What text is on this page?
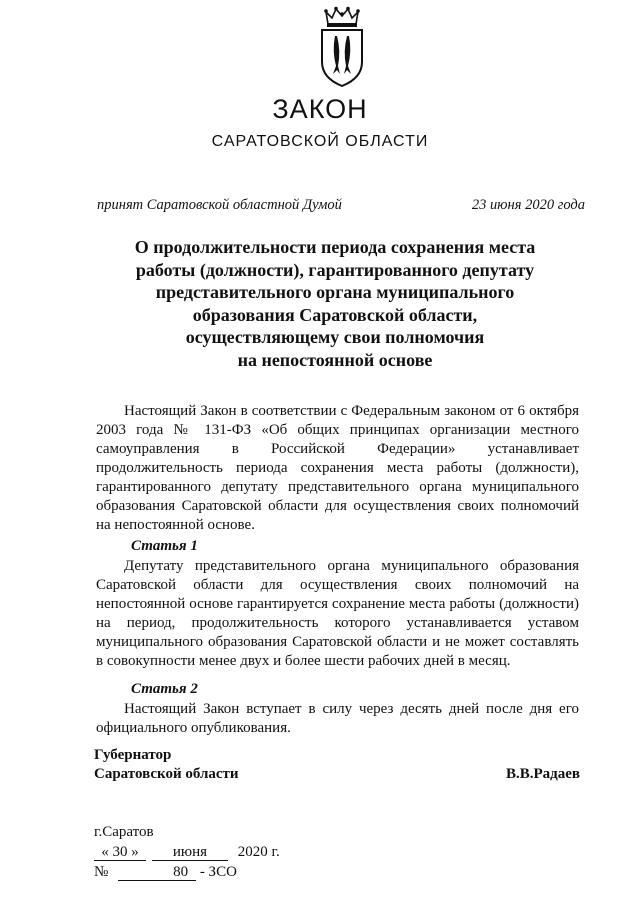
ЗАКОН
САРАТОВСКОЙ ОБЛАСТИ
принят Саратовской областной Думой	23 июня 2020 года
О продолжительности периода сохранения места
работы (должности), гарантированного депутату
представительного органа муниципального
образования Саратовской области,
осуществляющему свои полномочия
на непостоянной основе

Настоящий Закон в соответствии с Федеральным законом от 6 октября 2003 года № 131-ФЗ «Об общих принципах организации местного самоуправления в Российской Федерации» устанавливает продолжительность периода сохранения места работы (должности), гарантированного депутату представительного органа муниципального образования Саратовской области для осуществления своих полномочий на непостоянной основе.

Статья 1

Депутату представительного органа муниципального образования Саратовской области для осуществления своих полномочий на непостоянной основе гарантируется сохранение места работы (должности) на период, продолжительность которого устанавливается уставом муниципального образования Саратовской области и не может составлять в совокупности менее двух и более шести рабочих дней в месяц.

Статья 2

Настоящий Закон вступает в силу через десять дней после дня его официального опубликования.

Губернатор
Саратовской области	В.В.Радаев
г.Саратов
« 30 » июня 2020 г.
№	80 - ЗСО
